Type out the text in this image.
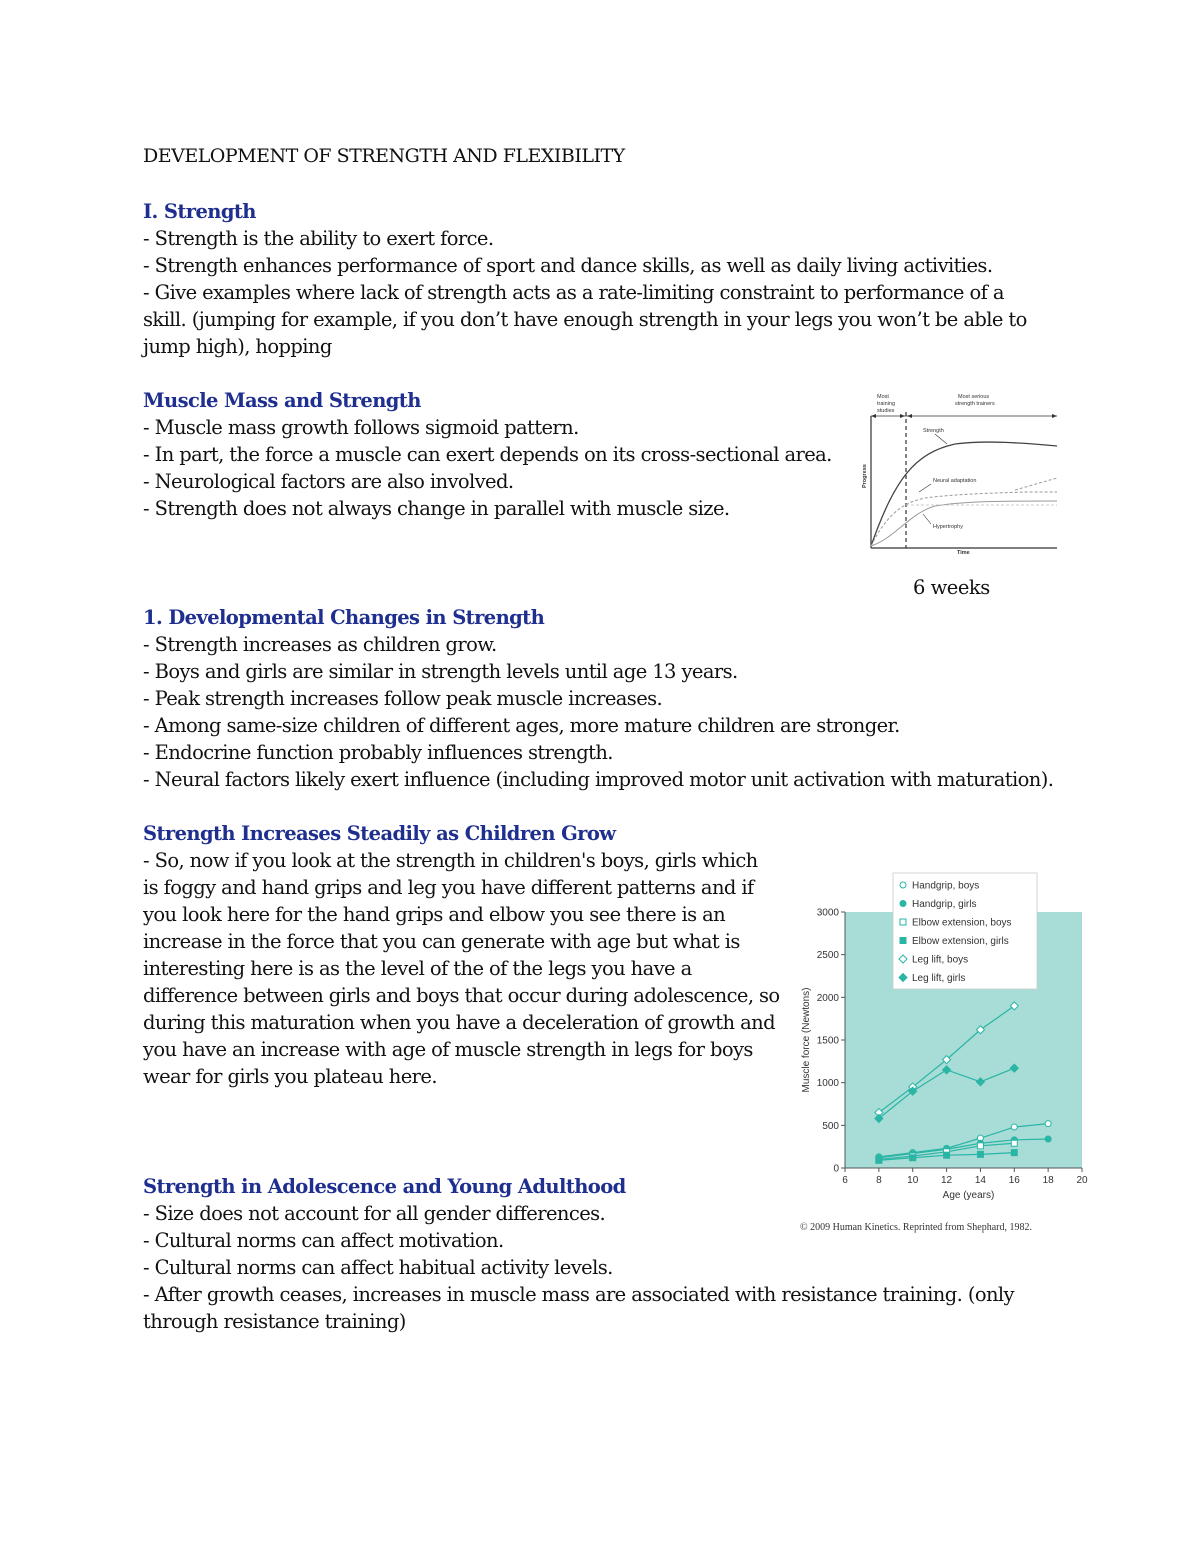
DEVELOPMENT OF STRENGTH AND FLEXIBILITY
I. Strength
- Strength is the ability to exert force.
- Strength enhances performance of sport and dance skills, as well as daily living activities.
- Give examples where lack of strength acts as a rate-limiting constraint to performance of a
skill. (jumping for example, if you don’t have enough strength in your legs you won’t be able to
jump high), hopping
Muscle Mass and Strength
- Muscle mass growth follows sigmoid pattern.
- In part, the force a muscle can exert depends on its cross-sectional area.
- Neurological factors are also involved.
- Strength does not always change in parallel with muscle size.
Most
training
studies
Most serious
strength trainers
Strength
Neural adaptation
Hypertrophy
Time
Progress
6 weeks
1. Developmental Changes in Strength
- Strength increases as children grow.
- Boys and girls are similar in strength levels until age 13 years.
- Peak strength increases follow peak muscle increases.
- Among same-size children of different ages, more mature children are stronger.
- Endocrine function probably influences strength.
- Neural factors likely exert influence (including improved motor unit activation with maturation).
Strength Increases Steadily as Children Grow
- So, now if you look at the strength in children's boys, girls which
is foggy and hand grips and leg you have different patterns and if
you look here for the hand grips and elbow you see there is an
increase in the force that you can generate with age but what is
interesting here is as the level of the of the legs you have a
difference between girls and boys that occur during adolescence, so
during this maturation when you have a deceleration of growth and
you have an increase with age of muscle strength in legs for boys
wear for girls you plateau here.
0
500
1000
1500
2000
2500
3000
6	8	10 12 14 16 18 20
Age (years)
Muscle force (Newtons)
Handgrip, boys
Handgrip, girls
Elbow extension, boys
Elbow extension, girls
Leg lift, boys
Leg lift, girls
© 2009 Human Kinetics. Reprinted from Shephard, 1982.
Strength in Adolescence and Young Adulthood
- Size does not account for all gender differences.
- Cultural norms can affect motivation.
- Cultural norms can affect habitual activity levels.
- After growth ceases, increases in muscle mass are associated with resistance training. (only
through resistance training)
